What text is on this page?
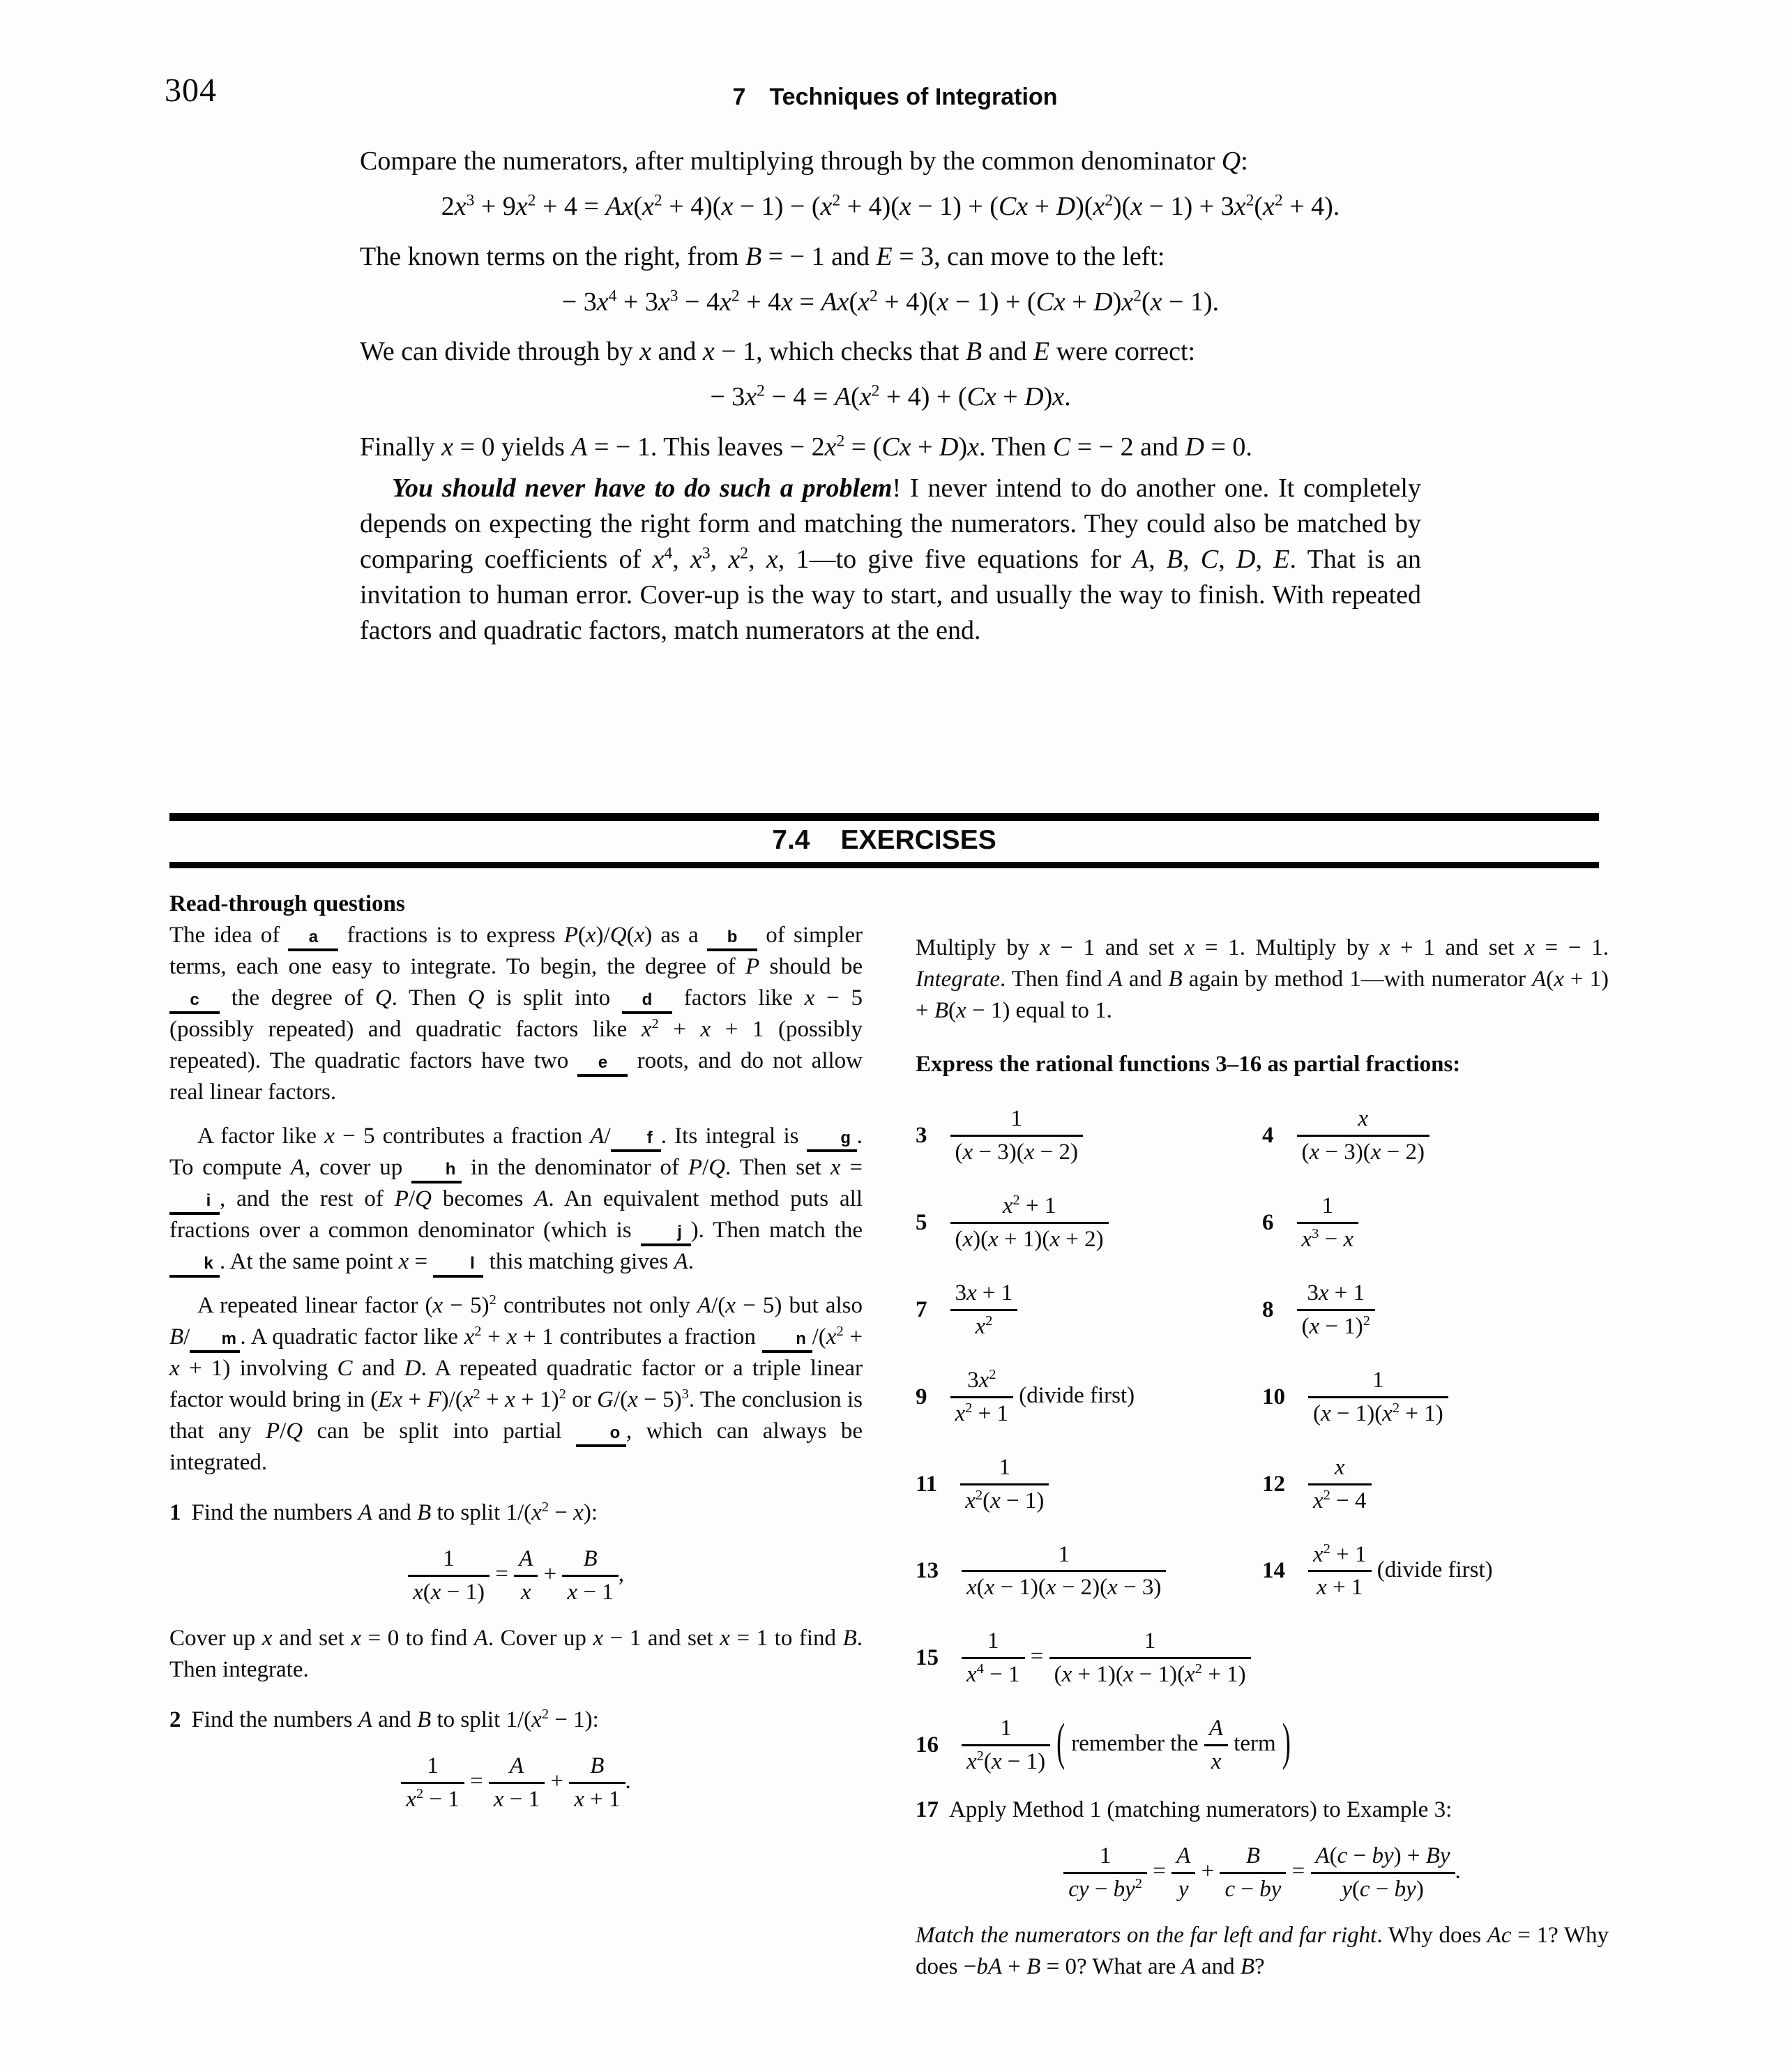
304	7 Techniques of Integration

Compare the numerators, after multiplying through by the common denominator Q:

$2x^3 + 9x^2 + 4 = Ax(x^2 + 4)(x - 1) - (x^2 + 4)(x - 1) + (Cx + D)(x^2)(x - 1) + 3x^2(x^2 + 4)$.

The known terms on the right, from B = − 1 and E = 3, can move to the left:

− $3x^4 + 3x^3 - 4x^2 + 4x = Ax(x^2 + 4)(x - 1) + (Cx + D)x^2(x - 1)$.

We can divide through by x and x − 1, which checks that B and E were correct:

− $3x^2 - 4 = A(x^2 + 4) + (Cx + D)x$.

Finally x = 0 yields A = − 1. This leaves − $2x^2 = (Cx + D)x$. Then C = − 2 and D = 0.

You should never have to do such a problem! I never intend to do another one. It completely depends on expecting the right form and matching the numerators. They could also be matched by comparing coefficients of $x^4$, $x^3$, $x^2$, x, 1—to give five equations for A, B, C, D, E. That is an invitation to human error. Cover-up is the way to start, and usually the way to finish. With repeated factors and quadratic factors, match numerators at the end.

7.4 EXERCISES

Read-through questions

The idea of a fractions is to express P(x)/Q(x) as a b of simpler terms, each one easy to integrate. To begin, the degree of P should be c the degree of Q. Then Q is split into d factors like x − 5 (possibly repeated) and quadratic factors like $x^2 + x + 1$ (possibly repeated). The quadratic factors have two e roots, and do not allow real linear factors.

A factor like x − 5 contributes a fraction A/ f . Its integral is g . To compute A, cover up h in the denominator of P/Q. Then set x = i , and the rest of P/Q becomes A. An equivalent method puts all fractions over a common denominator (which is j ). Then match the k . At the same point x = l this matching gives A.

A repeated linear factor $(x - 5)^2$ contributes not only A/(x − 5) but also B/ m . A quadratic factor like $x^2 + x + 1$ contributes a fraction n $/(x^2 + x + 1)$ involving C and D. A repeated quadratic factor or a triple linear factor would bring in $(Ex + F)/(x^2 + x + 1)^2$ or $G/(x - 5)^3$. The conclusion is that any P/Q can be split into partial o , which can always be integrated.

1 Find the numbers A and B to split $1/(x^2 - x)$:

$\frac{1}{x(x - 1)} = \frac{A}{x} + \frac{B}{x - 1}$ ,

Cover up x and set x = 0 to find A. Cover up x − 1 and set x = 1 to find B. Then integrate.

2 Find the numbers A and B to split $1/(x^2 - 1)$:

$\frac{1}{x^2 - 1} = \frac{A}{x - 1} + \frac{B}{x + 1}$ .

Multiply by x − 1 and set x = 1. Multiply by x + 1 and set x = − 1. Integrate. Then find A and B again by method 1—with numerator A(x + 1) + B(x − 1) equal to 1.

Express the rational functions 3–16 as partial fractions:

$3 \frac{1}{(x - 3)(x - 2)}$	$4 \frac{x}{(x - 3)(x - 2)}$
$5 \frac{x^2 + 1}{(x)(x + 1)(x + 2)}$	$6 \frac{1}{x^3 - x}$
$7 \frac{3x + 1}{x^2}$	$8 \frac{3x + 1}{(x - 1)^2}$
$9 \frac{3x^2}{x^2 + 1}$ (divide first)	$10 \frac{1}{(x - 1)(x^2 + 1)}$
$11 \frac{1}{x^2(x - 1)}$	$12 \frac{x}{x^2 - 4}$
$13 \frac{1}{x(x - 1)(x - 2)(x - 3)}$	$14 \frac{x^2 + 1}{x + 1}$ (divide first)
$15 \frac{1}{x^4 - 1} = \frac{1}{(x + 1)(x - 1)(x^2 + 1)}$
$16 \frac{1}{x^2(x - 1)}$ ( remember the $\frac{A}{x}$ term )

17 Apply Method 1 (matching numerators) to Example 3:

$\frac{1}{cy - by^2} = \frac{A}{y} + \frac{B}{c - by} = \frac{A(c - by) + By}{y(c - by)}$ .

Match the numerators on the far left and far right. Why does Ac = 1? Why does −bA + B = 0? What are A and B?
